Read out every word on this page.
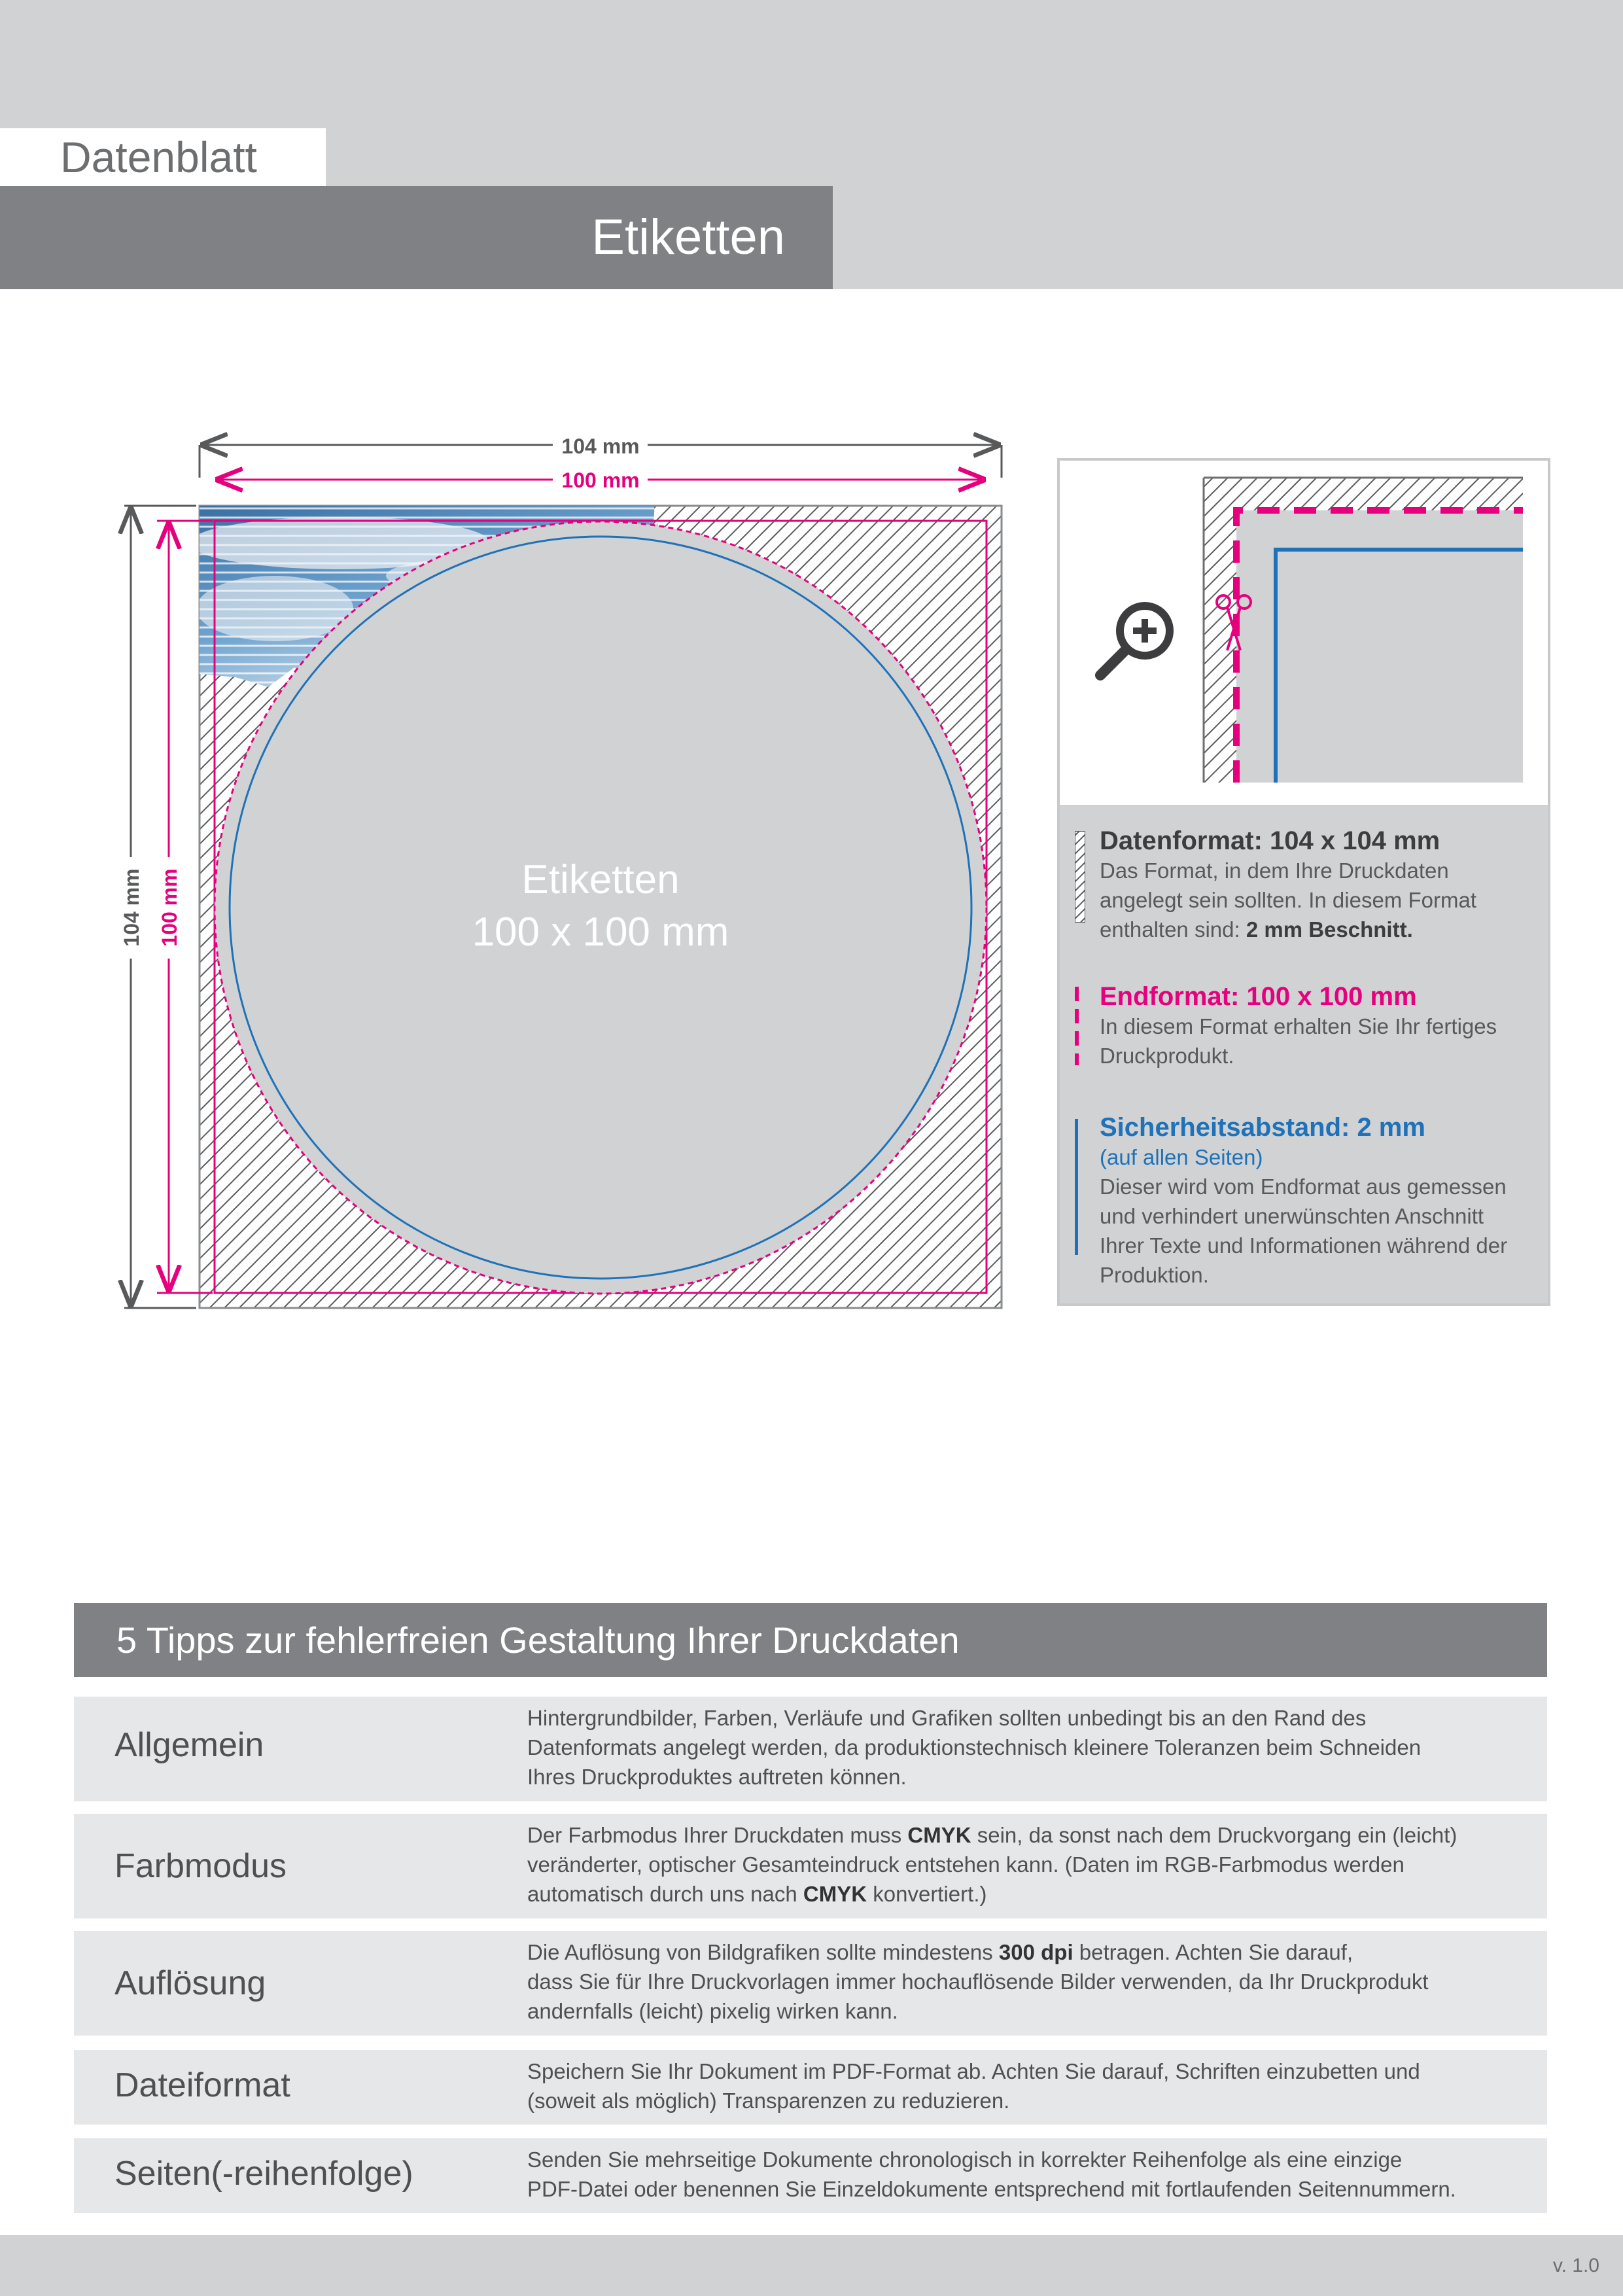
Datenblatt
Etiketten
Etiketten
100 x 100 mm
104 mm
100 mm
104 mm 100 mm
Datenformat: 104 x 104 mm
Das Format, in dem Ihre Druckdaten
angelegt sein sollten. In diesem Format
enthalten sind: 2 mm Beschnitt.
Endformat: 100 x 100 mm
In diesem Format erhalten Sie Ihr fertiges
Druckprodukt.
Sicherheitsabstand: 2 mm
(auf allen Seiten)
Dieser wird vom Endformat aus gemessen
und verhindert unerwünschten Anschnitt
Ihrer Texte und Informationen während der
Produktion.
5 Tipps zur fehlerfreien Gestaltung Ihrer Druckdaten
Allgemein
Hintergrundbilder, Farben, Verläufe und Grafiken sollten unbedingt bis an den Rand des
Datenformats angelegt werden, da produktionstechnisch kleinere Toleranzen beim Schneiden
Ihres Druckproduktes auftreten können.
Farbmodus
Der Farbmodus Ihrer Druckdaten muss CMYK sein, da sonst nach dem Druckvorgang ein (leicht)
veränderter, optischer Gesamteindruck entstehen kann. (Daten im RGB-Farbmodus werden
automatisch durch uns nach CMYK konvertiert.)
Auflösung
Die Auflösung von Bildgrafiken sollte mindestens 300 dpi betragen. Achten Sie darauf,
dass Sie für Ihre Druckvorlagen immer hochauflösende Bilder verwenden, da Ihr Druckprodukt
andernfalls (leicht) pixelig wirken kann.
Dateiformat	Speichern Sie Ihr Dokument im PDF-Format ab. Achten Sie darauf, Schriften einzubetten und
(soweit als möglich) Transparenzen zu reduzieren.
Seiten(-reihenfolge)	Senden Sie mehrseitige Dokumente chronologisch in korrekter Reihenfolge als eine einzige
PDF-Datei oder benennen Sie Einzeldokumente entsprechend mit fortlaufenden Seitennummern.
v. 1.0
